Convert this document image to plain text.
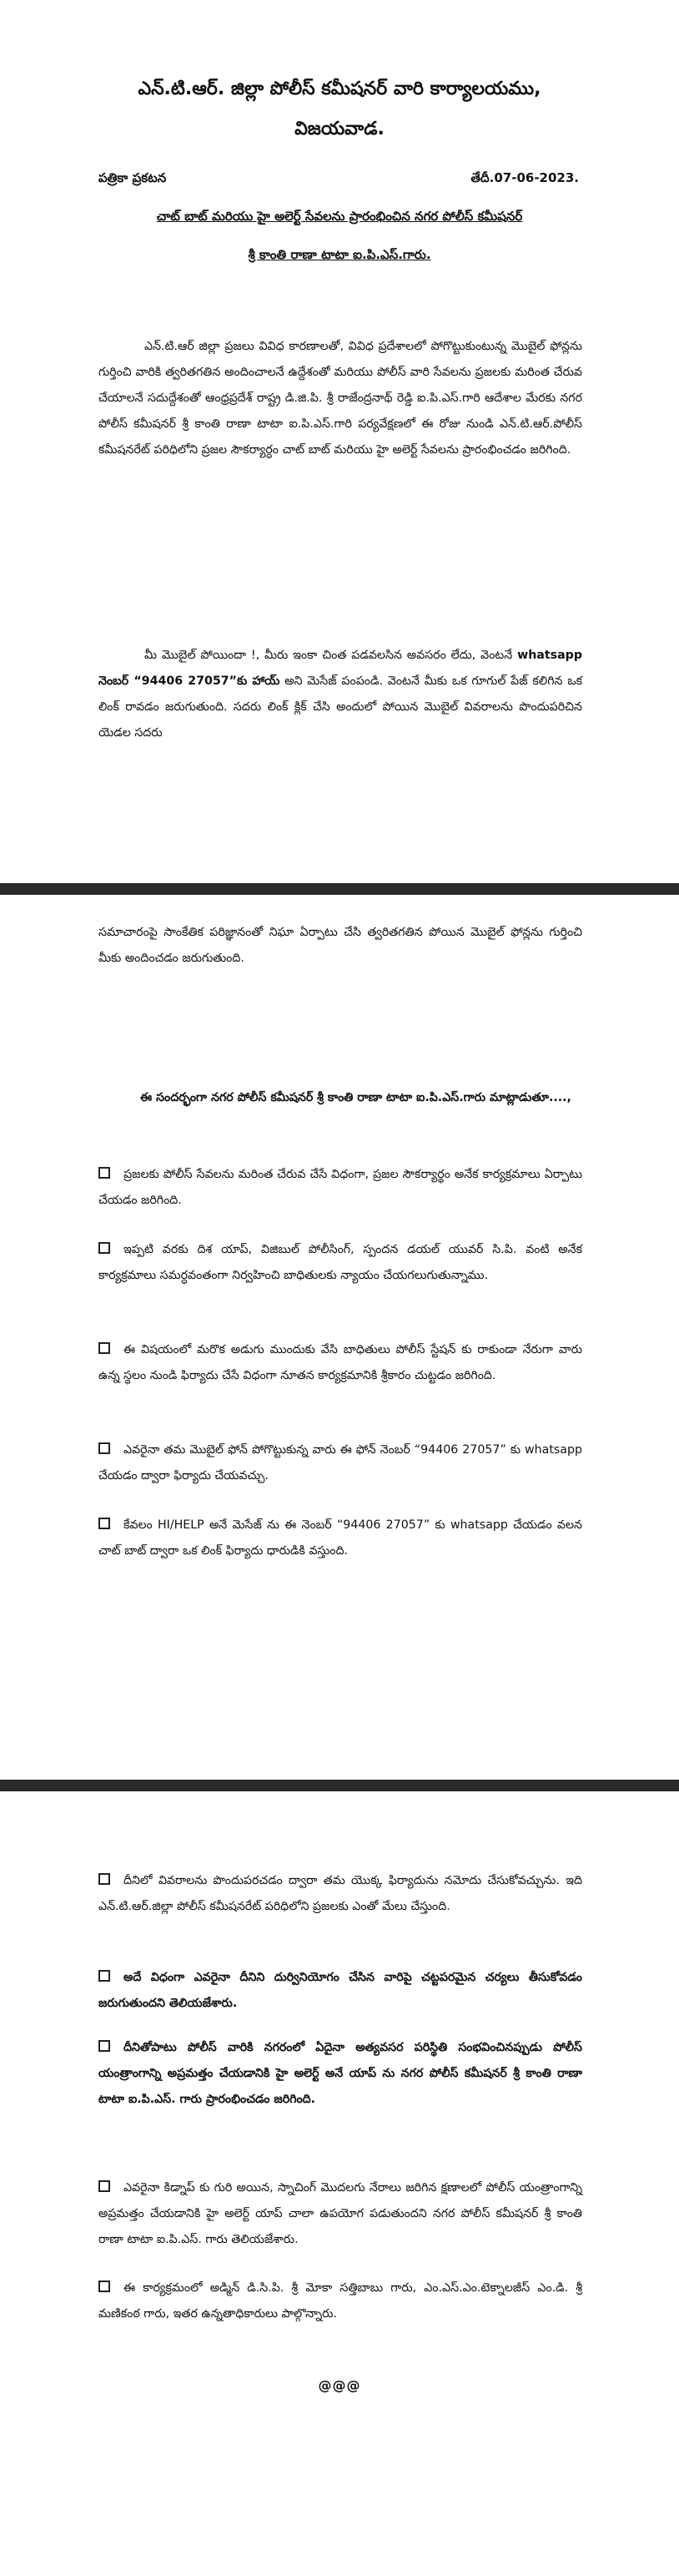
ఎన్.టి.ఆర్. జిల్లా పోలీస్ కమీషనర్ వారి కార్యాలయము,
విజయవాడ.
పత్రికా ప్రకటన	తేదీ.07-06-2023.
చాట్ బాట్ మరియు హై అలెర్ట్ సేవలను ప్రారంభించిన నగర పోలీస్ కమీషనర్
శ్రీ కాంతి రాణా టాటా ఐ.పి.ఎస్.గారు.
ఎన్.టి.ఆర్ జిల్లా ప్రజలు వివిధ కారణాలతో, వివిధ ప్రదేశాలలో పోగొట్టుకుంటున్న మొబైల్ ఫోన్లను గుర్తించి వారికి త్వరితగతిన అందించాలనే ఉద్దేశంతో మరియు పోలీస్ వారి సేవలను ప్రజలకు మరింత చేరువ చేయాలనే సదుద్దేశంతో ఆంధ్రప్రదేశ్ రాష్ట్ర డి.జి.పి. శ్రీ రాజేంద్రనాథ్ రెడ్డి ఐ.పి.ఎస్.గారి ఆదేశాల మేరకు నగర పోలీస్ కమీషనర్ శ్రీ కాంతి రాణా టాటా ఐ.పి.ఎస్.గారి పర్యవేక్షణలో ఈ రోజు నుండి ఎన్.టి.ఆర్.పోలీస్ కమీషనరేట్ పరిధిలోని ప్రజల సౌకర్యార్ధం చాట్ బాట్ మరియు హై అలెర్ట్ సేవలను ప్రారంభించడం జరిగింది.
మీ మొబైల్ పోయిందా !, మీరు ఇంకా చింత పడవలసిన అవసరం లేదు, వెంటనే whatsapp నెంబర్ “94406 27057”కు హాయ్ అని మెసేజ్ పంపండి. వెంటనే మీకు ఒక గూగుల్ పేజ్ కలిగిన ఒక లింక్ రావడం జరుగుతుంది. సదరు లింక్ క్లిక్ చేసి అందులో పోయిన మొబైల్ వివరాలను పొందుపరిచిన యెడల సదరు
సమాచారంపై సాంకేతిక పరిజ్ఞానంతో నిఘా ఏర్పాటు చేసి త్వరితగతిన పోయిన మొబైల్ ఫోన్లను గుర్తించి మీకు అందించడం జరుగుతుంది.
ఈ సందర్భంగా నగర పోలీస్ కమీషనర్ శ్రీ కాంతి రాణా టాటా ఐ.పి.ఎస్.గారు మాట్లాడుతూ....,
ప్రజలకు పోలీస్ సేవలను మరింత చేరువ చేసే విధంగా, ప్రజల సౌకర్యార్థం అనేక కార్యక్రమాలు ఏర్పాటు చేయడం జరిగింది.
ఇప్పటి వరకు దిశ యాప్, విజిబుల్ పోలీసింగ్, స్పందన డయల్ యువర్ సి.పి. వంటి అనేక కార్యక్రమాలు సమర్ధవంతంగా నిర్వహించి బాధితులకు న్యాయం చేయగలుగుతున్నాము.
ఈ విషయంలో మరొక అడుగు ముందుకు వేసి బాధితులు పోలీస్ స్టేషన్ కు రాకుండా నేరుగా వారు ఉన్న స్థలం నుండి ఫిర్యాదు చేసే విధంగా నూతన కార్యక్రమానికి శ్రీకారం చుట్టడం జరిగింది.
ఎవరైనా తమ మొబైల్ ఫోన్ పోగొట్టుకున్న వారు ఈ ఫోన్ నెంబర్ “94406 27057” కు whatsapp చేయడం ద్వారా ఫిర్యాదు చేయవచ్చు.
కేవలం HI/HELP అనే మెసేజ్ ను ఈ నెంబర్ “94406 27057” కు whatsapp చేయడం వలన చాట్ బాట్ ద్వారా ఒక లింక్ ఫిర్యాదు ధారుడికి వస్తుంది.
దీనిలో వివరాలను పొందుపరచడం ద్వారా తమ యొక్క ఫిర్యాదును నమోదు చేసుకోవచ్చును. ఇది ఎన్.టి.ఆర్.జిల్లా పోలీస్ కమీషనరేట్ పరిధిలోని ప్రజలకు ఎంతో మేలు చేస్తుంది.
అదే విధంగా ఎవరైనా దీనిని దుర్వినియోగం చేసిన వారిపై చట్టపరమైన చర్యలు తీసుకోవడం జరుగుతుందని తెలియజేశారు.
దీనితోపాటు పోలీస్ వారికి నగరంలో ఏదైనా అత్యవసర పరిస్థితి సంభవించినప్పుడు పోలీస్ యంత్రాంగాన్ని అప్రమత్తం చేయడానికి హై అలెర్ట్ అనే యాప్ ను నగర పోలీస్ కమీషనర్ శ్రీ కాంతి రాణా టాటా ఐ.పి.ఎస్. గారు ప్రారంభించడం జరిగింది.
ఎవరైనా కిడ్నాప్ కు గురి అయిన, స్నాచింగ్ మొదలగు నేరాలు జరిగిన క్షణాలలో పోలీస్ యంత్రాంగాన్ని అప్రమత్తం చేయడానికి హై అలెర్ట్ యాప్ చాలా ఉపయోగ పడుతుందని నగర పోలీస్ కమీషనర్ శ్రీ కాంతి రాణా టాటా ఐ.పి.ఎస్. గారు తెలియజేశారు.
ఈ కార్యక్రమంలో అడ్మిన్ డి.సి.పి. శ్రీ మోకా సత్తిబాబు గారు, ఎం.ఎస్.ఎం.టెక్నాలజీస్ ఎం.డి. శ్రీ మణికంఠ గారు, ఇతర ఉన్నతాధికారులు పాల్గొన్నారు.
@@@
